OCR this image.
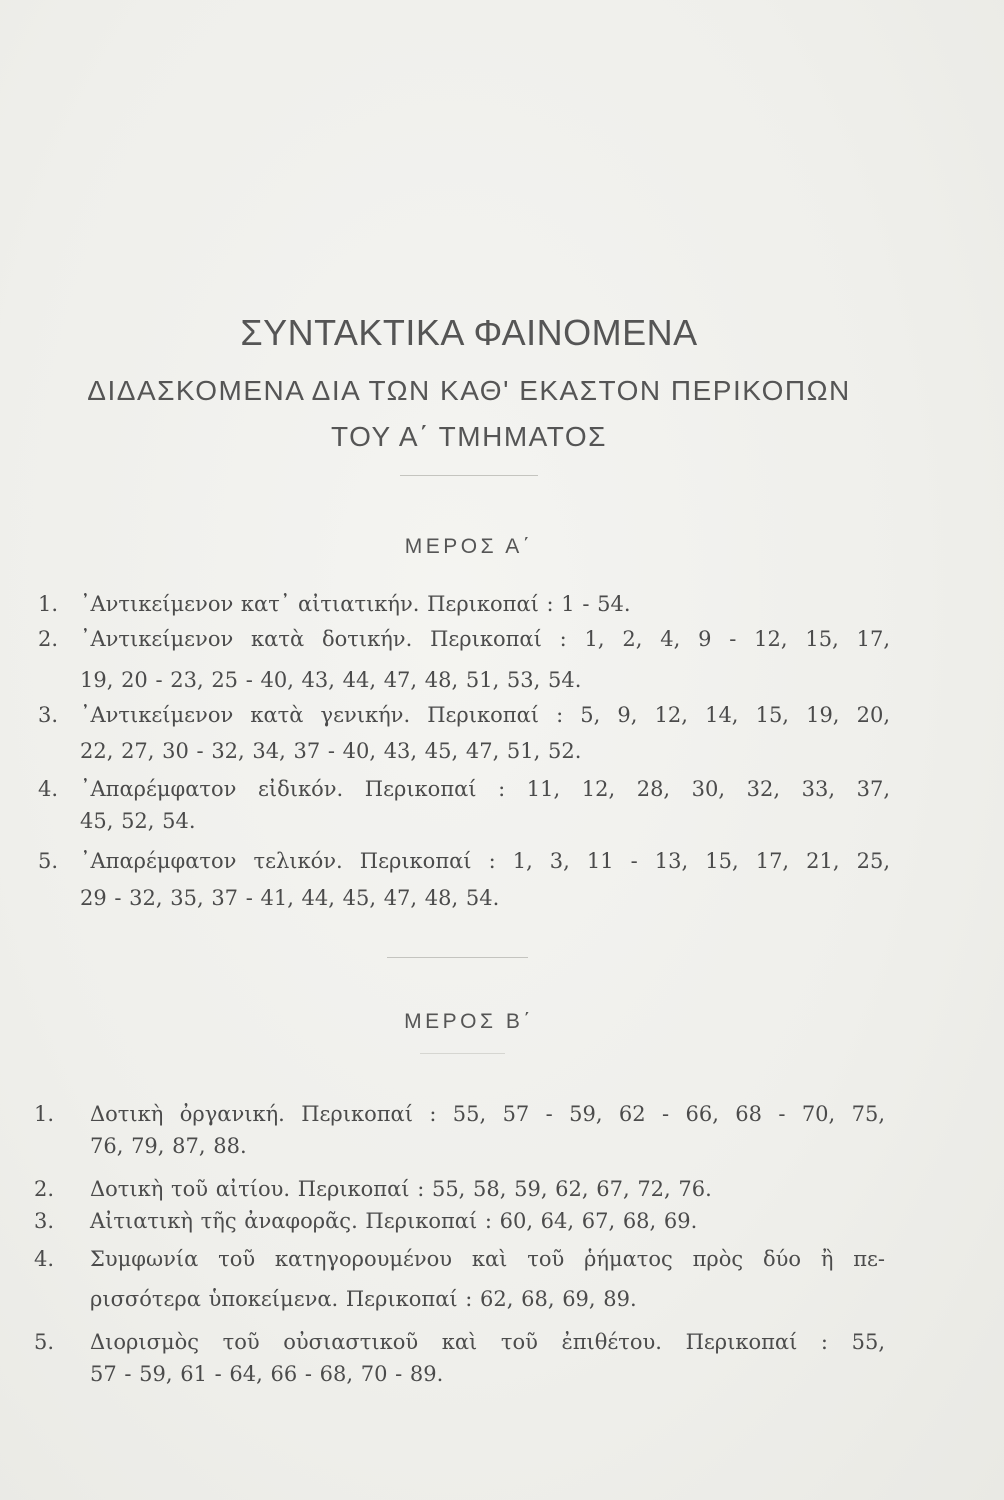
ΣΥΝΤΑΚΤΙΚΑ ΦΑΙΝΟΜΕΝΑ
ΔΙΔΑΣΚΟΜΕΝΑ ΔΙΑ ΤΩΝ ΚΑΘ' ΕΚΑΣΤΟΝ ΠΕΡΙΚΟΠΩΝ
ΤΟΥ Α΄ ΤΜΗΜΑΤΟΣ
ΜΕΡΟΣ Α΄
1. ᾿Αντικείμενον κατ᾿ αἰτιατικήν. Περικοπαί : 1 - 54.
2. ᾿Αντικείμενον κατὰ δοτικήν. Περικοπαί : 1, 2, 4, 9 - 12, 15, 17,
19, 20 - 23, 25 - 40, 43, 44, 47, 48, 51, 53, 54.
3. ᾿Αντικείμενον κατὰ γενικήν. Περικοπαί : 5, 9, 12, 14, 15, 19, 20,
22, 27, 30 - 32, 34, 37 - 40, 43, 45, 47, 51, 52.
4. ᾿Απαρέμφατον εἰδικόν. Περικοπαί : 11, 12, 28, 30, 32, 33, 37,
45, 52, 54.
5. ᾿Απαρέμφατον τελικόν. Περικοπαί : 1, 3, 11 - 13, 15, 17, 21, 25,
29 - 32, 35, 37 - 41, 44, 45, 47, 48, 54.
ΜΕΡΟΣ Β΄
1. Δοτικὴ ὀργανική. Περικοπαί : 55, 57 - 59, 62 - 66, 68 - 70, 75,
76, 79, 87, 88.
2. Δοτικὴ τοῦ αἰτίου. Περικοπαί : 55, 58, 59, 62, 67, 72, 76.
3. Αἰτιατικὴ τῆς ἀναφορᾶς. Περικοπαί : 60, 64, 67, 68, 69.
4. Συμφωνία τοῦ κατηγορουμένου καὶ τοῦ ῥήματος πρὸς δύο ἢ πε-
ρισσότερα ὑποκείμενα. Περικοπαί : 62, 68, 69, 89.
5. Διορισμὸς τοῦ οὐσιαστικοῦ καὶ τοῦ ἐπιθέτου. Περικοπαί : 55,
57 - 59, 61 - 64, 66 - 68, 70 - 89.
